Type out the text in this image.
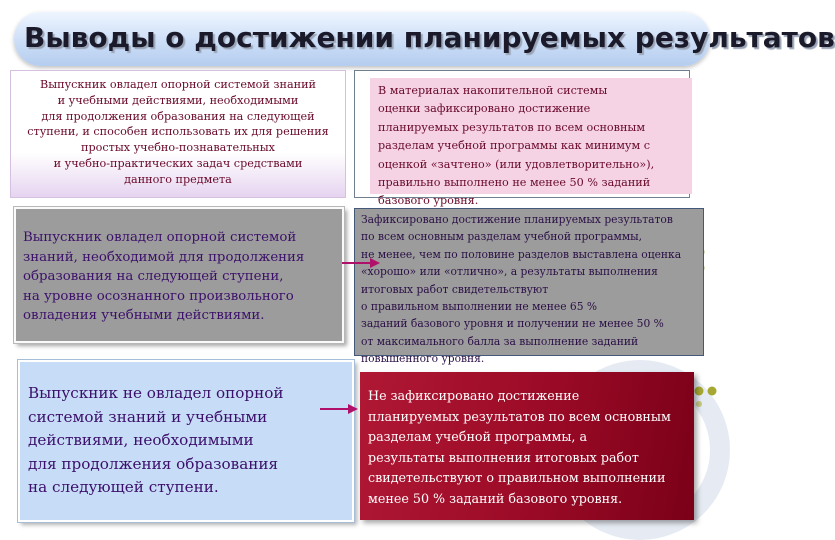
Выводы о достижении планируемых результатов
Выпускник овладел опорной системой знаний
и учебными действиями, необходимыми
для продолжения образования на следующей
ступени, и способен использовать их для решения
простых учебно-познавательных
и учебно-практических задач средствами
данного предмета
В материалах накопительной системы
оценки зафиксировано достижение
планируемых результатов по всем основным
разделам учебной программы как минимум с
оценкой «зачтено» (или удовлетворительно»),
правильно выполнено не менее 50 % заданий
базового уровня.
Выпускник овладел опорной системой
знаний, необходимой для продолжения
образования на следующей ступени,
на уровне осознанного произвольного
овладения учебными действиями.
Зафиксировано достижение планируемых результатов
по всем основным разделам учебной программы,
не менее, чем по половине разделов выставлена оценка
«хорошо» или «отлично», а результаты выполнения
итоговых работ свидетельствуют
о правильном выполнении не менее 65 %
заданий базового уровня и получении не менее 50 %
от максимального балла за выполнение заданий
повышенного уровня.
Выпускник не овладел опорной
системой знаний и учебными
действиями, необходимыми
для продолжения образования
на следующей ступени.
Не зафиксировано достижение
планируемых результатов по всем основным
разделам учебной программы, а
результаты выполнения итоговых работ
свидетельствуют о правильном выполнении
менее 50 % заданий базового уровня.
